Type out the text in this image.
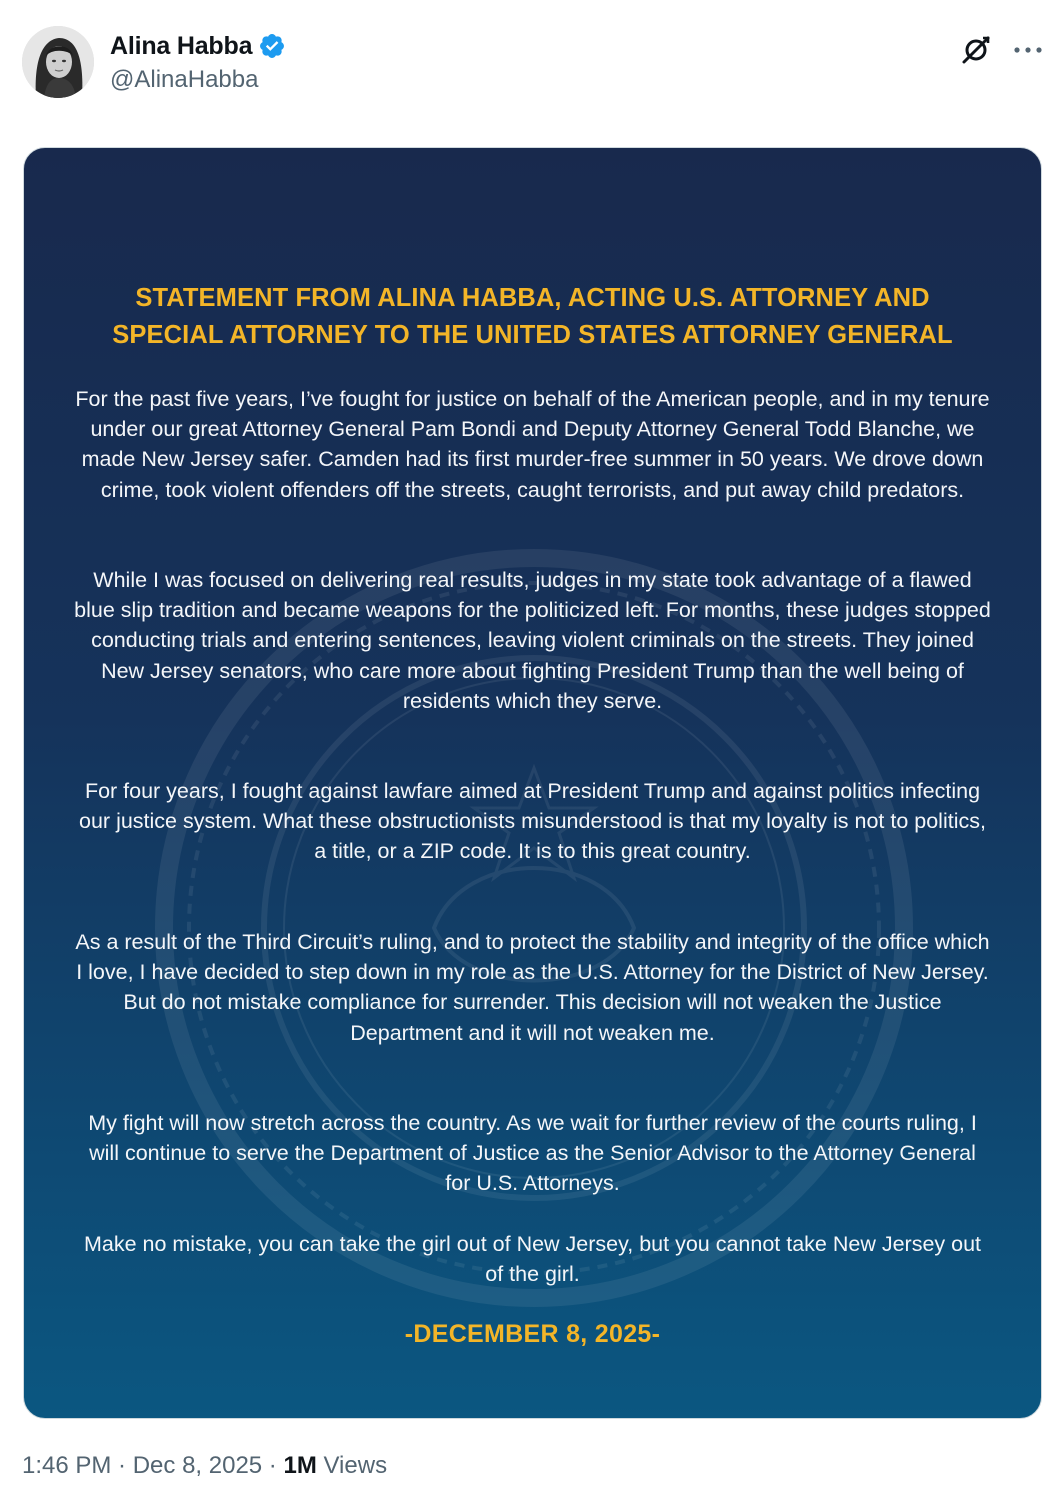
Alina Habba
@AlinaHabba
STATEMENT FROM ALINA HABBA, ACTING U.S. ATTORNEY AND
SPECIAL ATTORNEY TO THE UNITED STATES ATTORNEY GENERAL
For the past five years, I’ve fought for justice on behalf of the American people, and in my tenure under our great Attorney General Pam Bondi and Deputy Attorney General Todd Blanche, we made New Jersey safer. Camden had its first murder-free summer in 50 years. We drove down crime, took violent offenders off the streets, caught terrorists, and put away child predators.
While I was focused on delivering real results, judges in my state took advantage of a flawed blue slip tradition and became weapons for the politicized left. For months, these judges stopped conducting trials and entering sentences, leaving violent criminals on the streets. They joined New Jersey senators, who care more about fighting President Trump than the well being of residents which they serve.
For four years, I fought against lawfare aimed at President Trump and against politics infecting our justice system. What these obstructionists misunderstood is that my loyalty is not to politics, a title, or a ZIP code. It is to this great country.
As a result of the Third Circuit’s ruling, and to protect the stability and integrity of the office which I love, I have decided to step down in my role as the U.S. Attorney for the District of New Jersey. But do not mistake compliance for surrender. This decision will not weaken the Justice Department and it will not weaken me.
My fight will now stretch across the country. As we wait for further review of the courts ruling, I will continue to serve the Department of Justice as the Senior Advisor to the Attorney General for U.S. Attorneys.
Make no mistake, you can take the girl out of New Jersey, but you cannot take New Jersey out of the girl.
-DECEMBER 8, 2025-
1:46 PM · Dec 8, 2025 · 1M Views
